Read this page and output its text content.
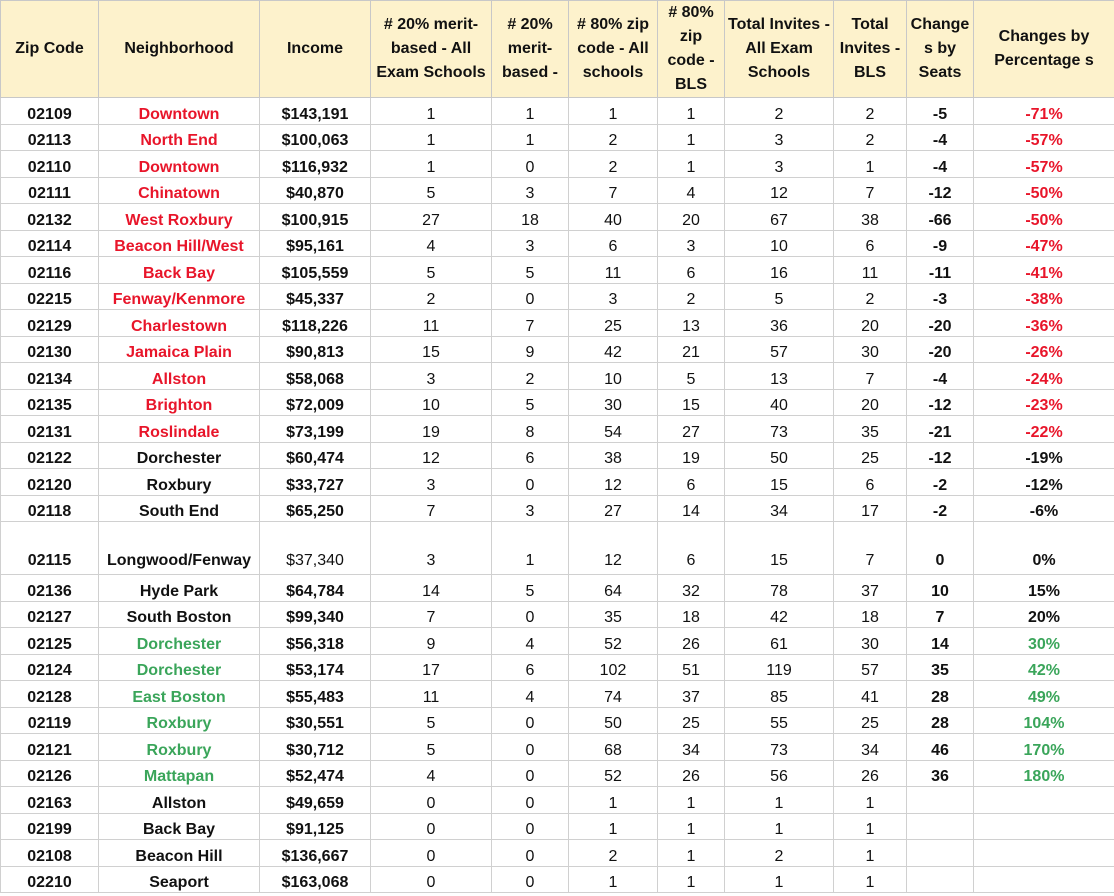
Zip Code	Neighborhood	Income	# 20% merit-based - All Exam Schools	# 20% merit-based -	# 80% zip code - All schools	# 80% zip code - BLS	Total Invites -All Exam Schools	Total Invites - BLS	Change s by Seats	Changes by Percentage s
02109	Downtown	$143,191	1	1	1	1	2	2	-5	-71%
02113	North End	$100,063	1	1	2	1	3	2	-4	-57%
02110	Downtown	$116,932	1	0	2	1	3	1	-4	-57%
02111	Chinatown	$40,870	5	3	7	4	12	7	-12	-50%
02132	West Roxbury	$100,915	27	18	40	20	67	38	-66	-50%
02114	Beacon Hill/West	$95,161	4	3	6	3	10	6	-9	-47%
02116	Back Bay	$105,559	5	5	11	6	16	11	-11	-41%
02215	Fenway/Kenmore	$45,337	2	0	3	2	5	2	-3	-38%
02129	Charlestown	$118,226	11	7	25	13	36	20	-20	-36%
02130	Jamaica Plain	$90,813	15	9	42	21	57	30	-20	-26%
02134	Allston	$58,068	3	2	10	5	13	7	-4	-24%
02135	Brighton	$72,009	10	5	30	15	40	20	-12	-23%
02131	Roslindale	$73,199	19	8	54	27	73	35	-21	-22%
02122	Dorchester	$60,474	12	6	38	19	50	25	-12	-19%
02120	Roxbury	$33,727	3	0	12	6	15	6	-2	-12%
02118	South End	$65,250	7	3	27	14	34	17	-2	-6%
02115	Longwood/Fenway	$37,340	3	1	12	6	15	7	0	0%
02136	Hyde Park	$64,784	14	5	64	32	78	37	10	15%
02127	South Boston	$99,340	7	0	35	18	42	18	7	20%
02125	Dorchester	$56,318	9	4	52	26	61	30	14	30%
02124	Dorchester	$53,174	17	6	102	51	119	57	35	42%
02128	East Boston	$55,483	11	4	74	37	85	41	28	49%
02119	Roxbury	$30,551	5	0	50	25	55	25	28	104%
02121	Roxbury	$30,712	5	0	68	34	73	34	46	170%
02126	Mattapan	$52,474	4	0	52	26	56	26	36	180%
02163	Allston	$49,659	0	0	1	1	1	1		
02199	Back Bay	$91,125	0	0	1	1	1	1		
02108	Beacon Hill	$136,667	0	0	2	1	2	1		
02210	Seaport	$163,068	0	0	1	1	1	1		
